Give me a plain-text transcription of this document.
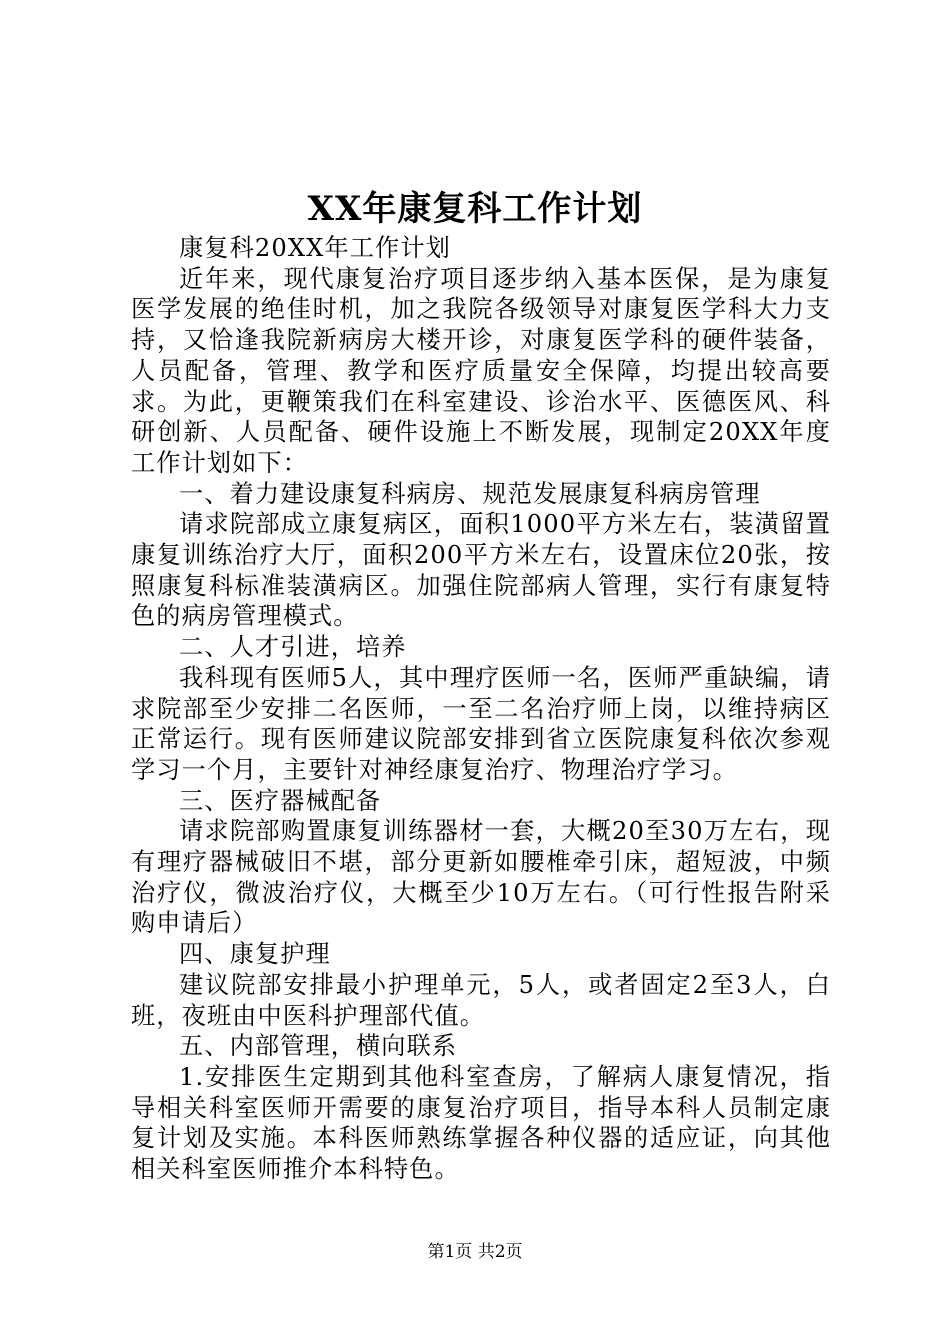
XX年康复科工作计划

康复科20XX年工作计划

近年来，现代康复治疗项目逐步纳入基本医保，是为康复医学发展的绝佳时机，加之我院各级领导对康复医学科大力支持，又恰逢我院新病房大楼开诊，对康复医学科的硬件装备，人员配备，管理、教学和医疗质量安全保障，均提出较高要求。为此，更鞭策我们在科室建设、诊治水平、医德医风、科研创新、人员配备、硬件设施上不断发展，现制定20XX年度工作计划如下：

一、着力建设康复科病房、规范发展康复科病房管理

请求院部成立康复病区，面积1000平方米左右，装潢留置康复训练治疗大厅，面积200平方米左右，设置床位20张，按照康复科标准装潢病区。加强住院部病人管理，实行有康复特色的病房管理模式。

二、人才引进，培养

我科现有医师5人，其中理疗医师一名，医师严重缺编，请求院部至少安排二名医师，一至二名治疗师上岗，以维持病区正常运行。现有医师建议院部安排到省立医院康复科依次参观学习一个月，主要针对神经康复治疗、物理治疗学习。

三、医疗器械配备

请求院部购置康复训练器材一套，大概20至30万左右，现有理疗器械破旧不堪，部分更新如腰椎牵引床，超短波，中频治疗仪，微波治疗仪，大概至少10万左右。（可行性报告附采购申请后）

四、康复护理

建议院部安排最小护理单元，5人，或者固定2至3人，白班，夜班由中医科护理部代值。

五、内部管理，横向联系

1.安排医生定期到其他科室查房，了解病人康复情况，指导相关科室医师开需要的康复治疗项目，指导本科人员制定康复计划及实施。本科医师熟练掌握各种仪器的适应证，向其他相关科室医师推介本科特色。

第1页 共2页
